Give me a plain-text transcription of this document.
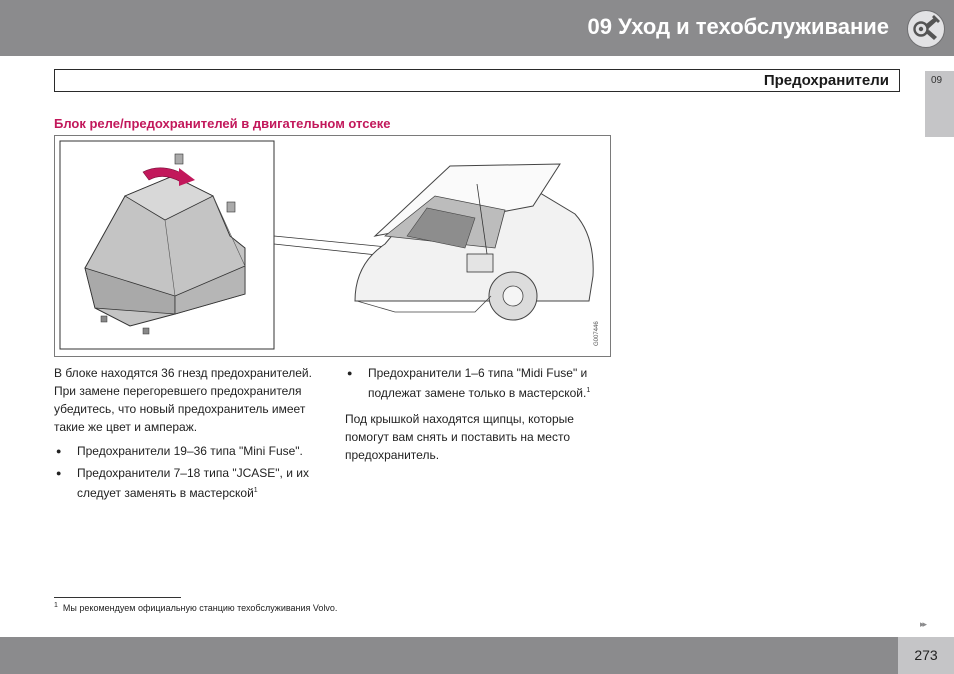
09 Уход и техобслуживание
Предохранители	09
Блок реле/предохранителей в двигательном отсеке
G007446

В блоке находятся 36 гнезд предохранителей. При замене перегоревшего предохранителя убедитесь, что новый предохранитель имеет такие же цвет и ампераж.

● Предохранители 19–36 типа "Mini Fuse".
● Предохранители 7–18 типа "JCASE", и их следует заменять в мастерской$^1$
● Предохранители 1–6 типа "Midi Fuse" и подлежат замене только в мастерской.$^1$

Под крышкой находятся щипцы, которые помогут вам снять и поставить на место предохранитель.

$^1$ Мы рекомендуем официальную станцию техобслуживания Volvo.
▸▸
273
